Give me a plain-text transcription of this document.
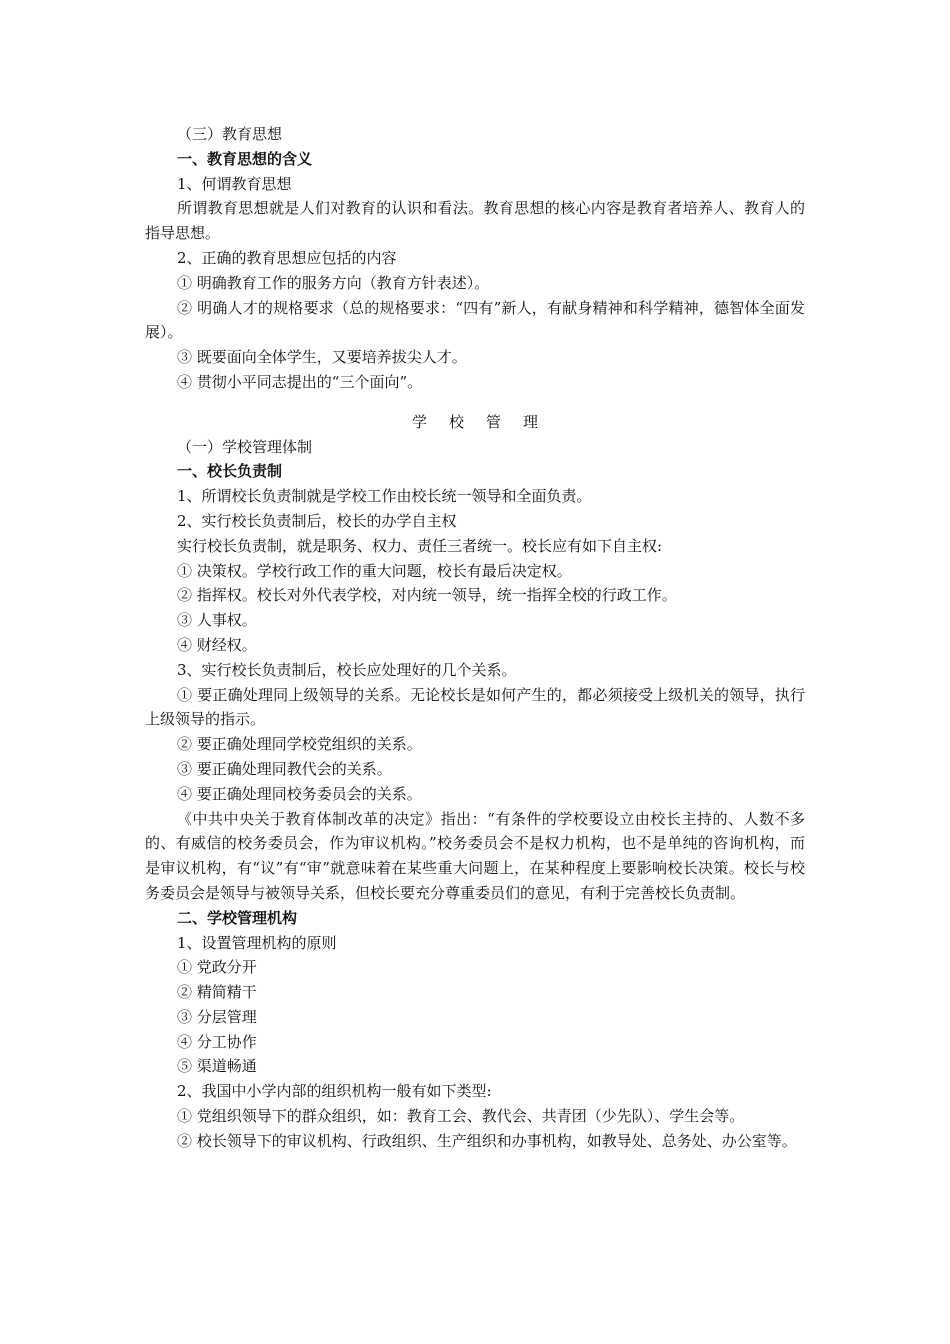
（三）教育思想
一、教育思想的含义
1、何谓教育思想
所谓教育思想就是人们对教育的认识和看法。教育思想的核心内容是教育者培养人、教育人的指导思想。
2、正确的教育思想应包括的内容
① 明确教育工作的服务方向（教育方针表述）。
② 明确人才的规格要求（总的规格要求：“四有”新人，有献身精神和科学精神，德智体全面发展）。
③ 既要面向全体学生，又要培养拔尖人才。
④ 贯彻小平同志提出的“三个面向”。
学校管理
（一）学校管理体制
一、校长负责制
1、所谓校长负责制就是学校工作由校长统一领导和全面负责。
2、实行校长负责制后，校长的办学自主权
实行校长负责制，就是职务、权力、责任三者统一。校长应有如下自主权:
① 决策权。学校行政工作的重大问题，校长有最后决定权。
② 指挥权。校长对外代表学校，对内统一领导，统一指挥全校的行政工作。
③ 人事权。
④ 财经权。
3、实行校长负责制后，校长应处理好的几个关系。
① 要正确处理同上级领导的关系。无论校长是如何产生的，都必须接受上级机关的领导，执行上级领导的指示。
② 要正确处理同学校党组织的关系。
③ 要正确处理同教代会的关系。
④ 要正确处理同校务委员会的关系。
《中共中央关于教育体制改革的决定》指出：“有条件的学校要设立由校长主持的、人数不多的、有威信的校务委员会，作为审议机构。”校务委员会不是权力机构，也不是单纯的咨询机构，而是审议机构，有“议”有“审”就意味着在某些重大问题上，在某种程度上要影响校长决策。校长与校务委员会是领导与被领导关系，但校长要充分尊重委员们的意见，有利于完善校长负责制。
二、学校管理机构
1、设置管理机构的原则
① 党政分开
② 精简精干
③ 分层管理
④ 分工协作
⑤ 渠道畅通
2、我国中小学内部的组织机构一般有如下类型:
① 党组织领导下的群众组织，如：教育工会、教代会、共青团（少先队）、学生会等。
② 校长领导下的审议机构、行政组织、生产组织和办事机构，如教导处、总务处、办公室等。
